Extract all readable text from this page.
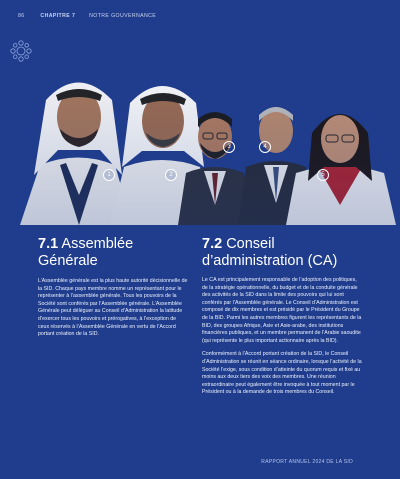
86	CHAPITRE 7	NOTRE GOUVERNANCE
1	2
3	4
5
7.1 Assemblée Générale

L’Assemblée générale est la plus haute autorité décisionnelle de la SID. Chaque pays membre nomme un représentant pour le représenter à l’assemblée générale. Tous les pouvoirs de la Société sont conférés par l’Assemblée générale. L’Assemblée Générale peut déléguer au Conseil d’Administration la latitude d’exercer tous les pouvoirs et prérogatives, à l’exception de ceux réservés à l’Assemblée Générale en vertu de l’Accord portant création de la SID.

7.2 Conseil d’administration (CA)

Le CA est principalement responsable de l’adoption des politiques, de la stratégie opérationnelle, du budget et de la conduite générale des activités de la SID dans la limite des pouvoirs qui lui sont conférés par l’Assemblée générale. Le Conseil d’Administration est composé de dix membres et est présidé par le Président du Groupe de la BID. Parmi les autres membres figurent les représentants de la BID, des groupes Afrique, Asie et Asie-arabe, des institutions financières publiques, et un membre permanent de l’Arabie saoudite (qui représente le plus important actionnaire après la BID).

Conformément à l’Accord portant création de la SID, le Conseil d’Administration se réunit en séance ordinaire, lorsque l’activité de la Société l’exige, sous condition d’atteinte du quorum requis et fixé au moins aux deux tiers des voix des membres. Une réunion extraordinaire peut également être invoquée à tout moment par le Président ou à la demande de trois membres du Conseil.

RAPPORT ANNUEL 2024 DE LA SID
